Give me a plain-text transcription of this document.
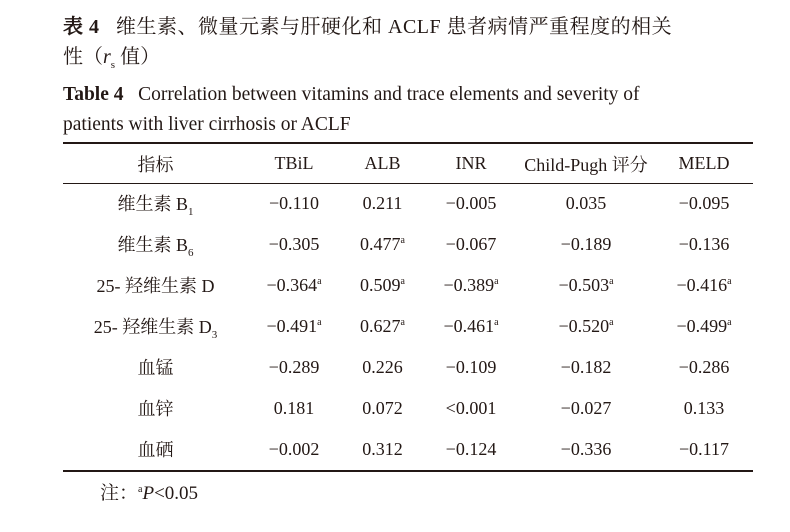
表 4 维生素、微量元素与肝硬化和 ACLF 患者病情严重程度的相关
性（$r_s$ 值）
Table 4 Correlation between vitamins and trace elements and severity of
patients with liver cirrhosis or ACLF
指标	TBiL	ALB	INR	Child-Pugh 评分	MELD
维生素 $B_1$	−0.110	0.211	−0.005	0.035	−0.095
维生素 $B_6$	−0.305	0.477$^a$	−0.067	−0.189	−0.136
25- 羟维生素 D	−0.364$^a$	0.509$^a$	−0.389$^a$	−0.503$^a$	−0.416$^a$
25- 羟维生素 $D_3$	−0.491$^a$	0.627$^a$	−0.461$^a$	−0.520$^a$	−0.499$^a$
血锰	−0.289	0.226	−0.109	−0.182	−0.286
血锌	0.181	0.072	<0.001	−0.027	0.133
血硒	−0.002	0.312	−0.124	−0.336	−0.117
注：$^a$P<0.05
